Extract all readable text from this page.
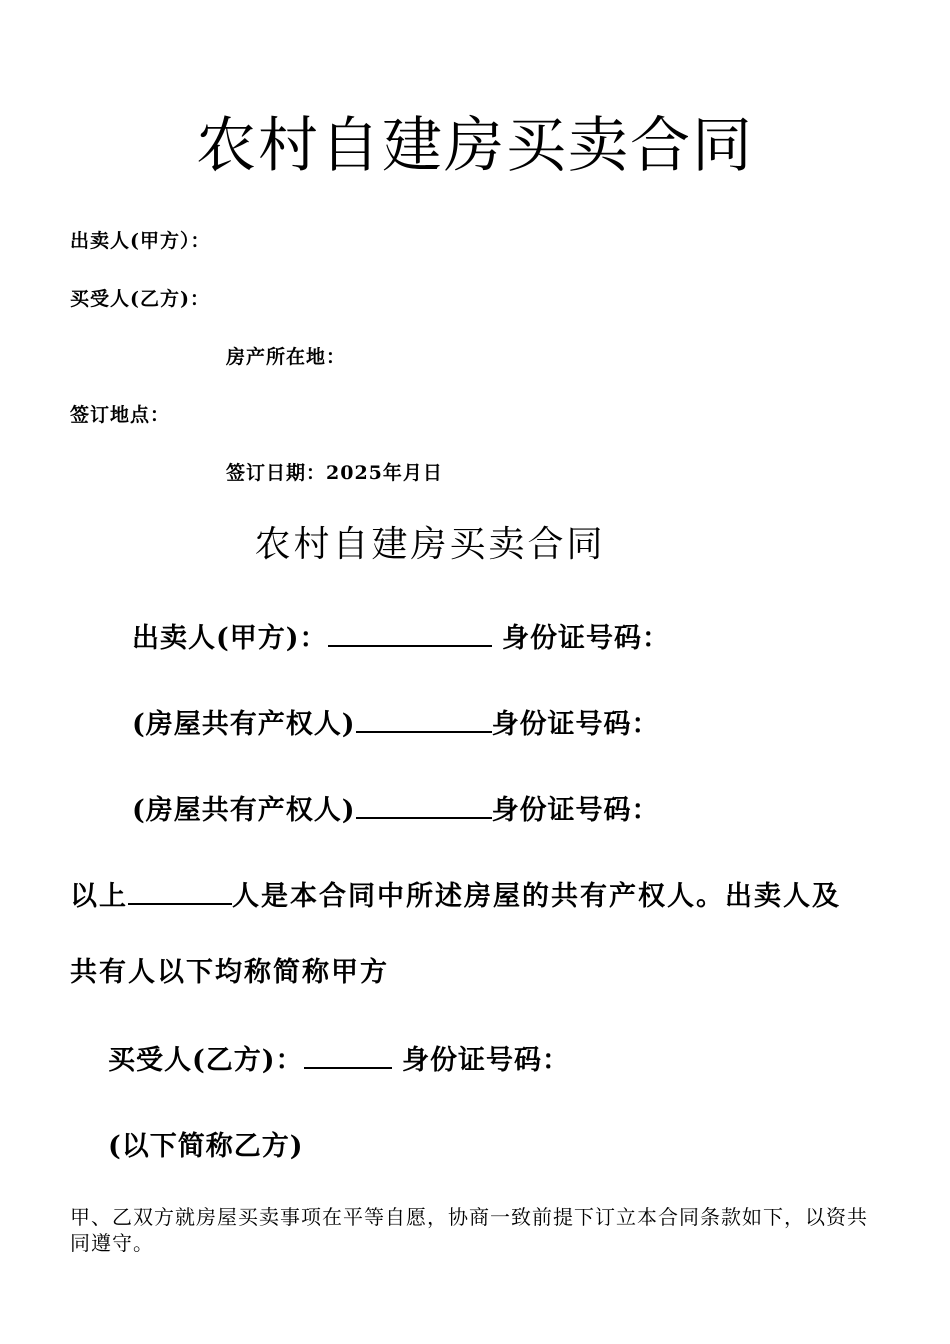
农村自建房买卖合同
出卖人(甲方）：
买受人(乙方)：
房产所在地：
签订地点：
签订日期：2025年月日
农村自建房买卖合同
出卖人(甲方)：	身份证号码：
(房屋共有产权人)	身份证号码：
(房屋共有产权人)	身份证号码：
以上	人是本合同中所述房屋的共有产权人。出卖人及
共有人以下均称简称甲方
买受人(乙方)：	身份证号码：
(以下简称乙方)
甲、乙双方就房屋买卖事项在平等自愿，协商一致前提下订立本合同条款如下，以资共同遵守。
